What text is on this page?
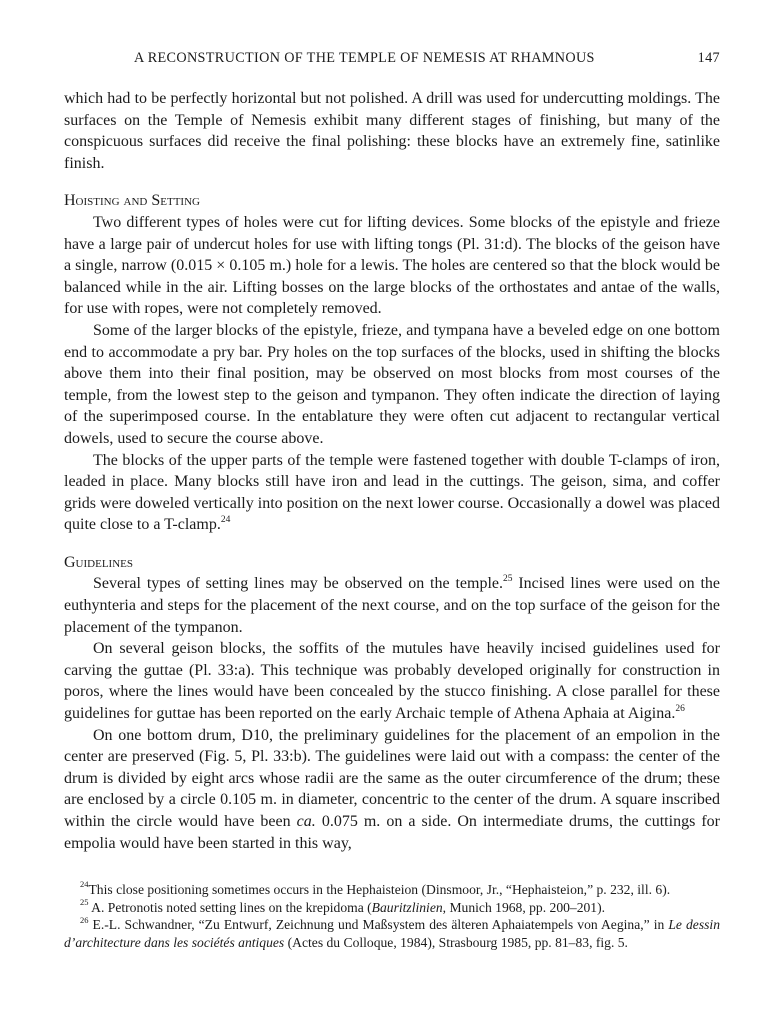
A RECONSTRUCTION OF THE TEMPLE OF NEMESIS AT RHAMNOUS	147

which had to be perfectly horizontal but not polished. A drill was used for undercutting moldings. The surfaces on the Temple of Nemesis exhibit many different stages of finishing, but many of the conspicuous surfaces did receive the final polishing: these blocks have an extremely fine, satinlike finish.

Hoisting and Setting

Two different types of holes were cut for lifting devices. Some blocks of the epistyle and frieze have a large pair of undercut holes for use with lifting tongs (Pl. 31:d). The blocks of the geison have a single, narrow (0.015 × 0.105 m.) hole for a lewis. The holes are centered so that the block would be balanced while in the air. Lifting bosses on the large blocks of the orthostates and antae of the walls, for use with ropes, were not completely removed.

Some of the larger blocks of the epistyle, frieze, and tympana have a beveled edge on one bottom end to accommodate a pry bar. Pry holes on the top surfaces of the blocks, used in shifting the blocks above them into their final position, may be observed on most blocks from most courses of the temple, from the lowest step to the geison and tympanon. They often indicate the direction of laying of the superimposed course. In the entablature they were often cut adjacent to rectangular vertical dowels, used to secure the course above.

The blocks of the upper parts of the temple were fastened together with double T-clamps of iron, leaded in place. Many blocks still have iron and lead in the cuttings. The geison, sima, and coffer grids were doweled vertically into position on the next lower course. Occasionally a dowel was placed quite close to a T-clamp.$^{24}$

Guidelines

Several types of setting lines may be observed on the temple.$^{25}$ Incised lines were used on the euthynteria and steps for the placement of the next course, and on the top surface of the geison for the placement of the tympanon.

On several geison blocks, the soffits of the mutules have heavily incised guidelines used for carving the guttae (Pl. 33:a). This technique was probably developed originally for construction in poros, where the lines would have been concealed by the stucco finishing. A close parallel for these guidelines for guttae has been reported on the early Archaic temple of Athena Aphaia at Aigina.$^{26}$

On one bottom drum, D10, the preliminary guidelines for the placement of an empolion in the center are preserved (Fig. 5, Pl. 33:b). The guidelines were laid out with a compass: the center of the drum is divided by eight arcs whose radii are the same as the outer circumference of the drum; these are enclosed by a circle 0.105 m. in diameter, concentric to the center of the drum. A square inscribed within the circle would have been ca. 0.075 m. on a side. On intermediate drums, the cuttings for empolia would have been started in this way,

$^{24}$This close positioning sometimes occurs in the Hephaisteion (Dinsmoor, Jr., “Hephaisteion,” p. 232, ill. 6).

$^{25}$ A. Petronotis noted setting lines on the krepidoma (Bauritzlinien, Munich 1968, pp. 200–201).

$^{26}$ E.-L. Schwandner, “Zu Entwurf, Zeichnung und Maßsystem des älteren Aphaiatempels von Aegina,” in Le dessin d’architecture dans les sociétés antiques (Actes du Colloque, 1984), Strasbourg 1985, pp. 81–83, fig. 5.
